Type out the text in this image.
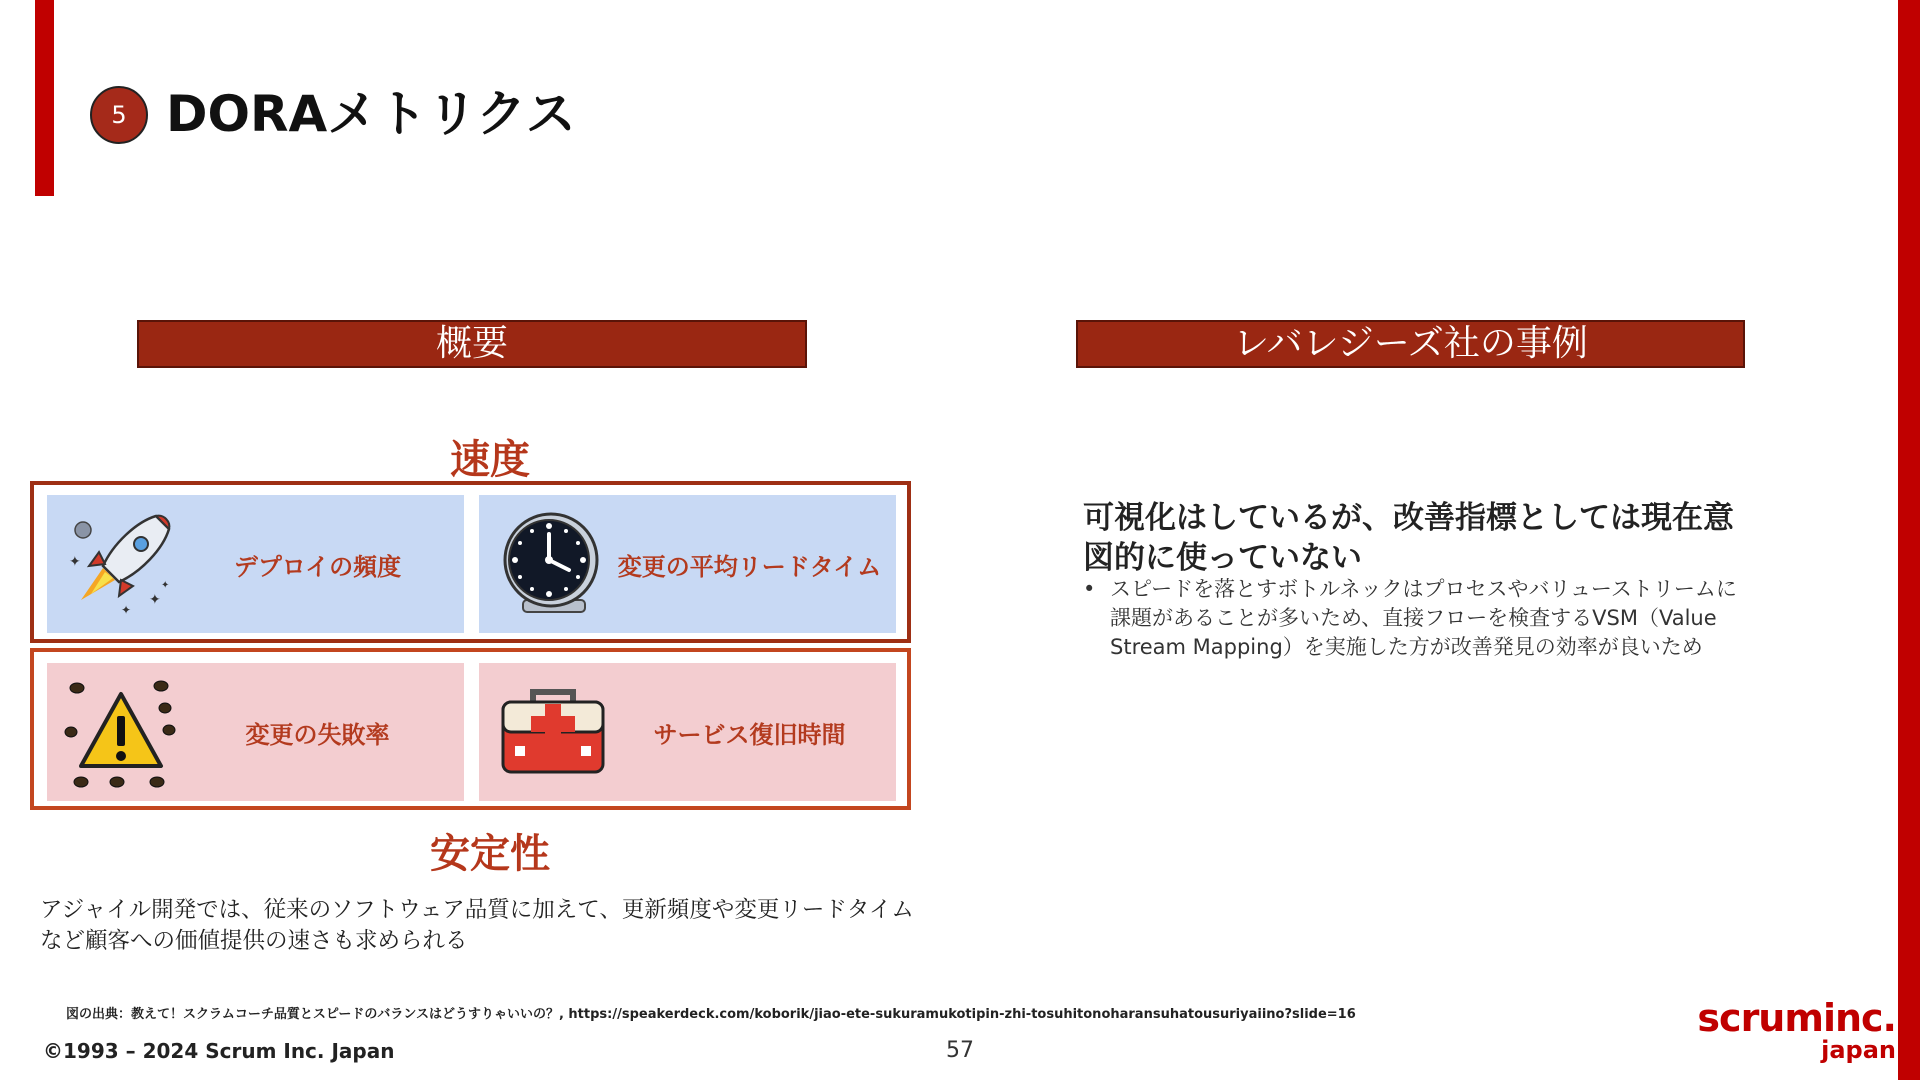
5 DORAメトリクス
概要	レバレジーズ社の事例
速度
✦
✦
✦
✦
デプロイの頻度	変更の平均リードタイム
変更の失敗率	サービス復旧時間
安定性
アジャイル開発では、従来のソフトウェア品質に加えて、更新頻度や変更リードタイムなど顧客への価値提供の速さも求められる
可視化はしているが、改善指標としては現在意図的に使っていない
• スピードを落とすボトルネックはプロセスやバリューストリームに課題があることが多いため、直接フローを検査するVSM（Value Stream Mapping）を実施した方が改善発見の効率が良いため
図の出典：教えて！スクラムコーチ品質とスピードのバランスはどうすりゃいいの？, https://speakerdeck.com/koborik/jiao-ete-sukuramukotipin-zhi-tosuhitonoharansuhatousuriyaiino?slide=16
©1993 – 2024 Scrum Inc. Japan	57
scruminc.
japan
